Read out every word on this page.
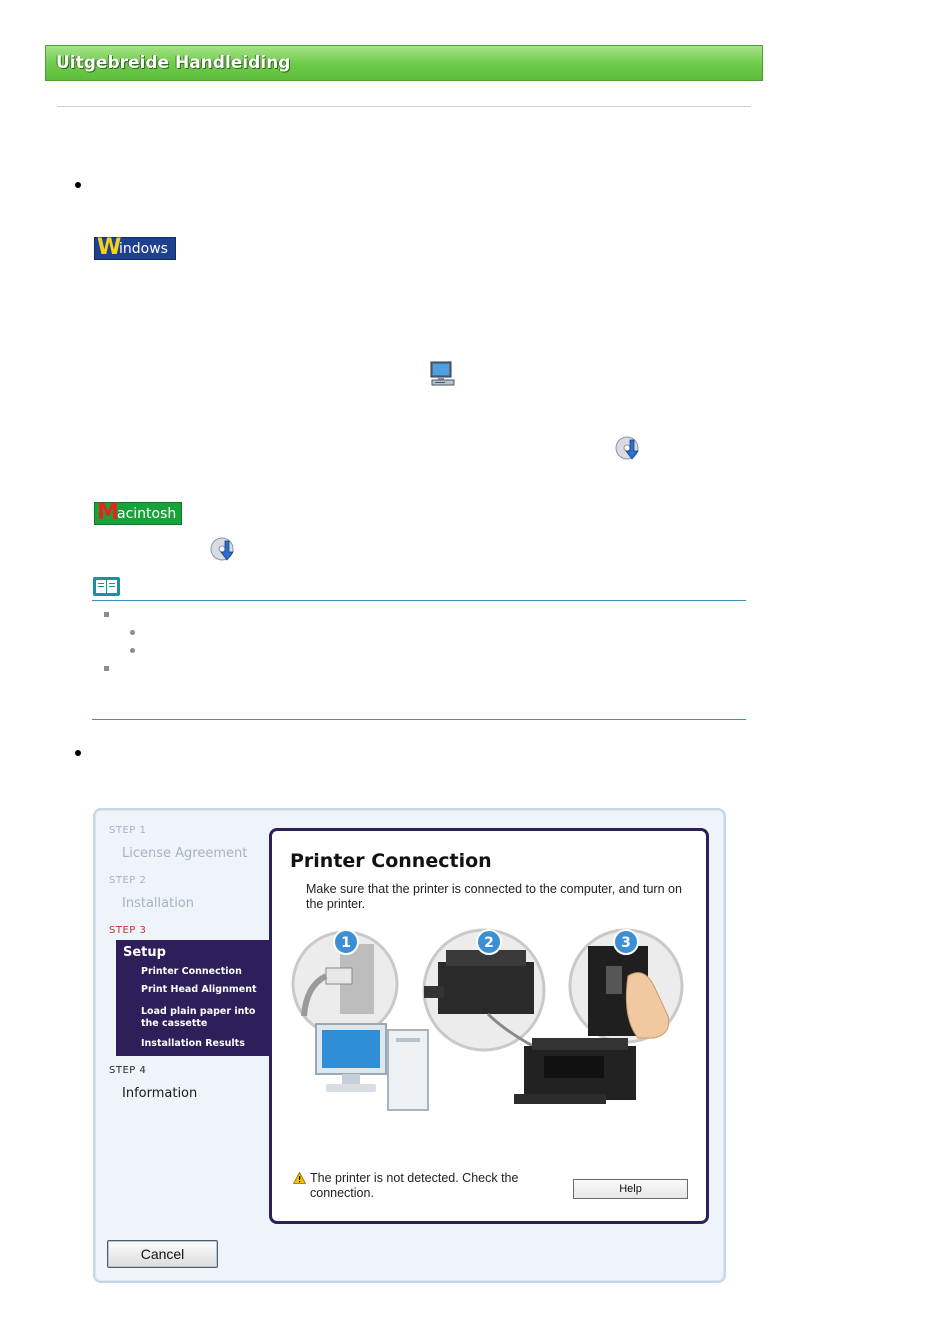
Uitgebreide Handleiding
W
indows
M
acintosh
STEP 1
License Agreement
STEP 2
Installation
STEP 3
Setup
Printer Connection
Print Head Alignment
Load plain paper into the cassette
Installation Results
STEP 4
Information
Printer Connection
Make sure that the printer is connected to the computer, and turn on the printer.
1	2	3
The printer is not detected. Check the connection.	Help
Cancel
